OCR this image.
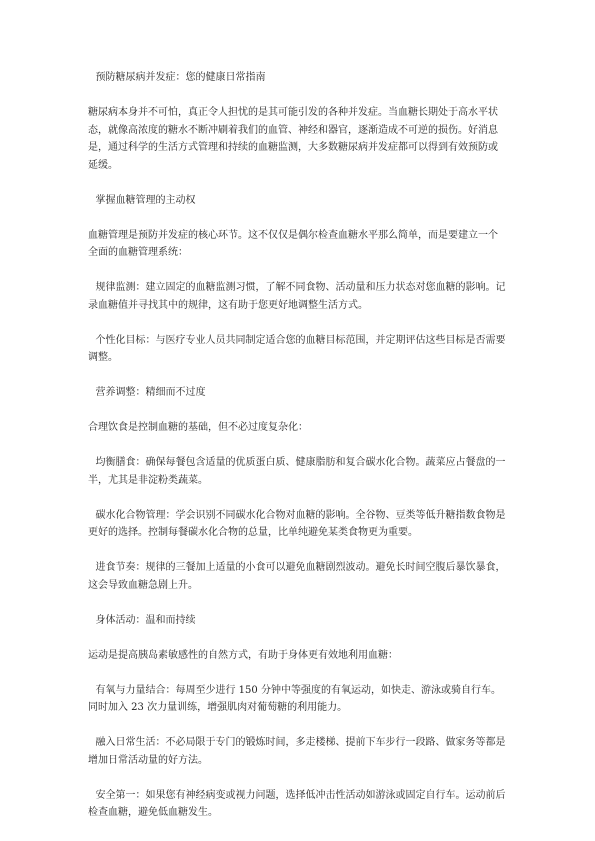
预防糖尿病并发症：您的健康日常指南

糖尿病本身并不可怕，真正令人担忧的是其可能引发的各种并发症。当血糖长期处于高水平状态，就像高浓度的糖水不断冲刷着我们的血管、神经和器官，逐渐造成不可逆的损伤。好消息是，通过科学的生活方式管理和持续的血糖监测，大多数糖尿病并发症都可以得到有效预防或延缓。

掌握血糖管理的主动权

血糖管理是预防并发症的核心环节。这不仅仅是偶尔检查血糖水平那么简单，而是要建立一个全面的血糖管理系统：

规律监测：建立固定的血糖监测习惯，了解不同食物、活动量和压力状态对您血糖的影响。记录血糖值并寻找其中的规律，这有助于您更好地调整生活方式。

个性化目标：与医疗专业人员共同制定适合您的血糖目标范围，并定期评估这些目标是否需要调整。

营养调整：精细而不过度

合理饮食是控制血糖的基础，但不必过度复杂化：

均衡膳食：确保每餐包含适量的优质蛋白质、健康脂肪和复合碳水化合物。蔬菜应占餐盘的一半，尤其是非淀粉类蔬菜。

碳水化合物管理：学会识别不同碳水化合物对血糖的影响。全谷物、豆类等低升糖指数食物是更好的选择。控制每餐碳水化合物的总量，比单纯避免某类食物更为重要。

进食节奏：规律的三餐加上适量的小食可以避免血糖剧烈波动。避免长时间空腹后暴饮暴食，这会导致血糖急剧上升。

身体活动：温和而持续

运动是提高胰岛素敏感性的自然方式，有助于身体更有效地利用血糖：

有氧与力量结合：每周至少进行 150 分钟中等强度的有氧运动，如快走、游泳或骑自行车。同时加入 23 次力量训练，增强肌肉对葡萄糖的利用能力。

融入日常生活：不必局限于专门的锻炼时间，多走楼梯、提前下车步行一段路、做家务等都是增加日常活动量的好方法。

安全第一：如果您有神经病变或视力问题，选择低冲击性活动如游泳或固定自行车。运动前后检查血糖，避免低血糖发生。
